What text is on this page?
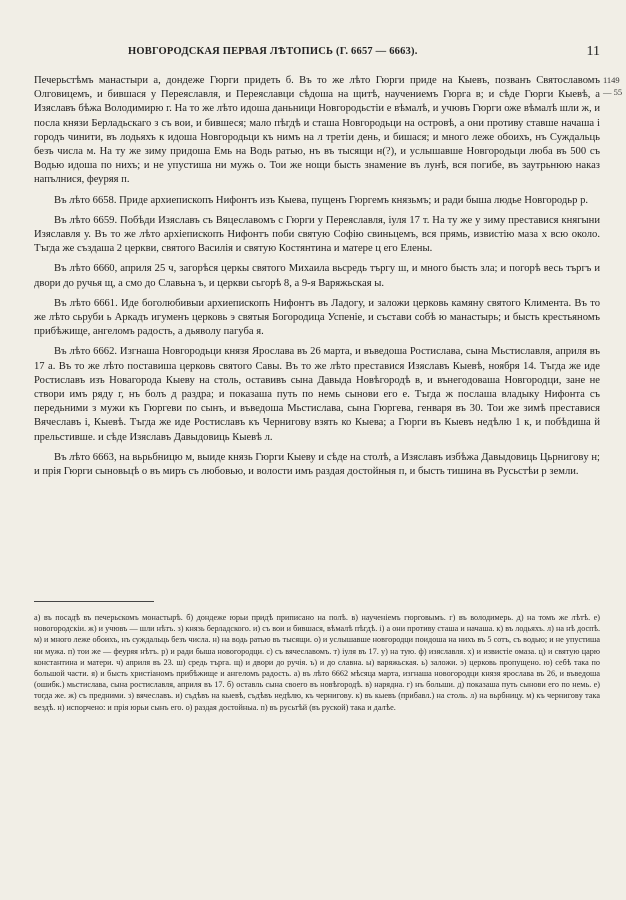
НОВГОРОДСКАЯ ПЕРВАЯ ЛѢТОПИСЬ (Г. 6657 — 6663).	11
1149 — 55

Печерьстѣмъ манастыри а, дондеже Гюрги придеть б. Въ то же лѣто Гюрги приде на Кыевъ, позванъ Святославомъ Олговицемъ, и бившася у Переяславля, и Переяславци сѣдоша на щитѣ, научениемъ Гюрга в; и сѣде Гюрги Кыевѣ, а Изяславъ бѣжа Володимирю г. На то же лѣто идоша даньници Новгородьстіи е вѣмалѣ, и учювъ Гюрги оже вѣмалѣ шли ж, и посла князи Берладьскаго з съ вои, и бившеся; мало пѣгдѣ и сташа Новгородьци на островѣ, а они противу ставше начаша і городъ чинити, въ лодьяхъ к идоша Новгородьци къ нимъ на л третiи день, и бишася; и много леже обоихъ, нъ Суждальць безъ числа м. На ту же зиму придоша Емь на Водь ратью, нъ въ тысящи н(?), и услышавше Новгородьци люба въ 500 съ Водью идоша по нихъ; и не упустиша ни мужь о. Тои же нощи бысть знамение въ лунѣ, вся погибе, въ заутрьнюю наказ напълнися, феуряя п.

Въ лѣто 6658. Приде архиепископъ Нифонтъ изъ Кыева, пущенъ Гюргемъ князьмъ; и ради быша людье Новгородьр р.

Въ лѣто 6659. Побѣди Изяславъ съ Вяцеславомъ с Гюрги у Переяславля, іуля 17 т. На ту же у зиму преставися княгыни Изяславля у. Въ то же лѣто архіепископъ Нифонтъ поби святую Софію свиньцемъ, вся прямь, извистію маза х всю около. Тъгда же създаша 2 церкви, святого Василія и святую Костянтина и матере ц его Елены.

Въ лѣто 6660, априля 25 ч, загорѣся церкы святого Михаила вьсредь търгу ш, и много бысть зла; и погорѣ весь търгъ и двори до ручья щ, а смо до Славьна ъ, и церкви сьгорѣ 8, а 9-я Варяжьская ы.

Въ лѣто 6661. Иде боголюбивыи архиепископъ Нифонтъ въ Ладогу, и заложи церковь камяну святого Климента. Въ то же лѣто сьруби ь Аркадъ игуменъ церковь э святыя Богородица Успеніе, и състави собѣ ю манастырь; и бысть крестьяномъ прибѣжище, ангеломъ радость, а дьяволу пагуба я.

Въ лѣто 6662. Изгнаша Новгородьци князя Ярослава въ 26 марта, и въведоша Ростислава, сына Мьстиславля, априля въ 17 а. Въ то же лѣто поставиша церковь святого Савы. Въ то же лѣто преставися Изяславъ Кыевѣ, ноября 14. Тъгда же иде Ростиславъ изъ Новагорода Кыеву на столь, оставивъ сына Давыда Новѣгородѣ в, и вънегодоваша Новгородци, зане не створи имъ ряду г, нъ болъ д раздра; и показаша путь по немь сынови его е. Тъгда ж послаша владыку Нифонта съ передьними з мужи къ Гюргеви по сынъ, и въведоша Мьстислава, сына Гюргева, генваря въ 30. Тои же зимѣ преставися Вячеславъ і, Кыевѣ. Тъгда же иде Ростиславъ къ Черниговy взять ко Кыева; а Гюрги въ Кыевъ недѣлю 1 к, и побѣдиша й прельстивше. и сѣде Изяславъ Давыдовиць Кыевѣ л.

Въ лѣто 6663, на вьрьбницю м, выиде князь Гюрги Кыеву и сѣде на столѣ, а Изяславъ избѣжа Давыдовиць Цьрниговy н; и прія Гюрги сыновьцѣ о въ миръ съ любовью, и волости имъ раздая достойныя п, и бысть тишина въ Русьстѣи р земли.

а) въ посадѣ въ печерьскомъ монастырѣ. б) дондеже юрьи придѣ приписано на полѣ. в) наученіемъ гюрговымъ. г) въ володимерь. д) на томъ же лѣтѣ. е) новогородскiи. ж) и учювъ — шли нѣтъ. з) князь берладского. и) съ вои и бившася, вѣмалѣ пѣгдѣ. і) а они противу сташа и начаша. к) въ лодьяхъ. л) на нѣ доспѣ. м) и много леже обоихъ, нъ суждальць безъ числа. н) на водь ратью въ тысящи. о) и услышавше новгородци поидоша на нихъ въ 5 сотъ, съ водью; и не упустиша ни мужа. п) тои же — феуряя нѣтъ. р) и ради быша новогородци. с) съ вячеславомъ. т) іуля въ 17. у) на тую. ф) изяславля. х) и извистіе омаза. ц) и святую царю константина и матери. ч) априля въ 23. ш) средь търга. щ) и двори до ручія. ъ) и до славна. ы) варяжьская. ь) заложи. э) церковь пропущено. ю) себѣ така по большой части. я) и бысть христіаномъ прибѣжище и ангеломъ радость. а) въ лѣто 6662 мѣсяца марта, изгнаша новогородци князя ярослава въ 26, и въведоша (ошибк.) мьстислава, сына ростиславля, априля въ 17. б) оставль сына своего въ новѣгородѣ. в) нарядна. г) нъ больши. д) показаша путь сынови его по немь. е) тогда же. ж) съ предними. з) вячеславъ. и) съдѣвъ на кыевѣ, съдѣвъ недѣлю, къ черниговy. к) въ кыевъ (прибавл.) на столь. л) на вьрбницу. м) къ черниговy така вездѣ. н) испорчено: и прія юрьи сынъ его. о) раздая достойныа. п) въ русьтѣй (въ руской) така и далѣе.
